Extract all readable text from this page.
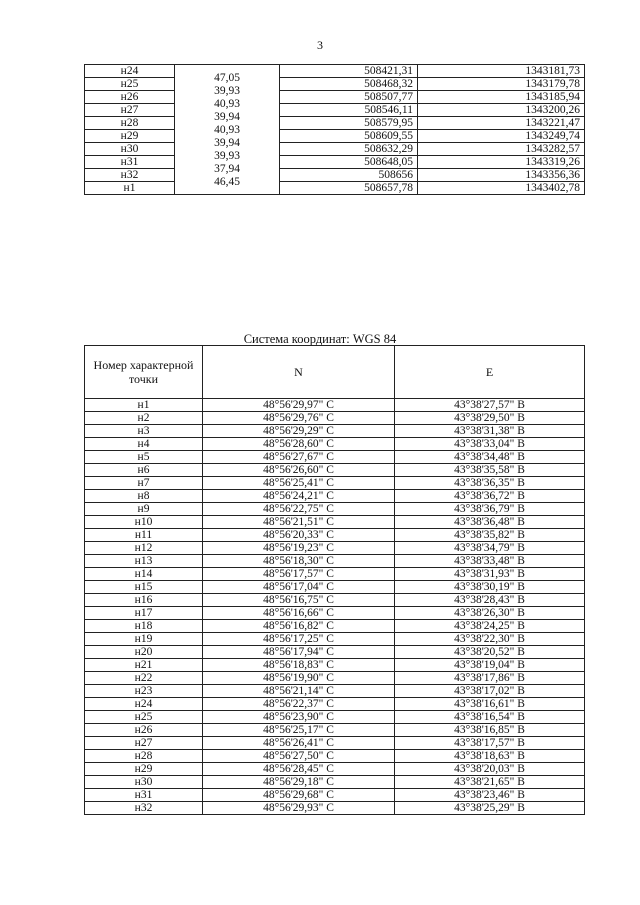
3
н24	47,05	508421,31	1343181,73
н25	39,93	508468,32	1343179,78
н26	40,93	508507,77	1343185,94
н27	39,94	508546,11	1343200,26
н28	40,93	508579,95	1343221,47
н29	39,94	508609,55	1343249,74
н30	39,93	508632,29	1343282,57
н31	37,94	508648,05	1343319,26
н32	46,45	508656	1343356,36
н1		508657,78	1343402,78
Система координат: WGS 84
Номер характерной точки	N	E
н1	48°56'29,97" С	43°38'27,57" В
н2	48°56'29,76" С	43°38'29,50" В
н3	48°56'29,29" С	43°38'31,38" В
н4	48°56'28,60" С	43°38'33,04" В
н5	48°56'27,67" С	43°38'34,48" В
н6	48°56'26,60" С	43°38'35,58" В
н7	48°56'25,41" С	43°38'36,35" В
н8	48°56'24,21" С	43°38'36,72" В
н9	48°56'22,75" С	43°38'36,79" В
н10	48°56'21,51" С	43°38'36,48" В
н11	48°56'20,33" С	43°38'35,82" В
н12	48°56'19,23" С	43°38'34,79" В
н13	48°56'18,30" С	43°38'33,48" В
н14	48°56'17,57" С	43°38'31,93" В
н15	48°56'17,04" С	43°38'30,19" В
н16	48°56'16,75" С	43°38'28,43" В
н17	48°56'16,66" С	43°38'26,30" В
н18	48°56'16,82" С	43°38'24,25" В
н19	48°56'17,25" С	43°38'22,30" В
н20	48°56'17,94" С	43°38'20,52" В
н21	48°56'18,83" С	43°38'19,04" В
н22	48°56'19,90" С	43°38'17,86" В
н23	48°56'21,14" С	43°38'17,02" В
н24	48°56'22,37" С	43°38'16,61" В
н25	48°56'23,90" С	43°38'16,54" В
н26	48°56'25,17" С	43°38'16,85" В
н27	48°56'26,41" С	43°38'17,57" В
н28	48°56'27,50" С	43°38'18,63" В
н29	48°56'28,45" С	43°38'20,03" В
н30	48°56'29,18" С	43°38'21,65" В
н31	48°56'29,68" С	43°38'23,46" В
н32	48°56'29,93" С	43°38'25,29" В
